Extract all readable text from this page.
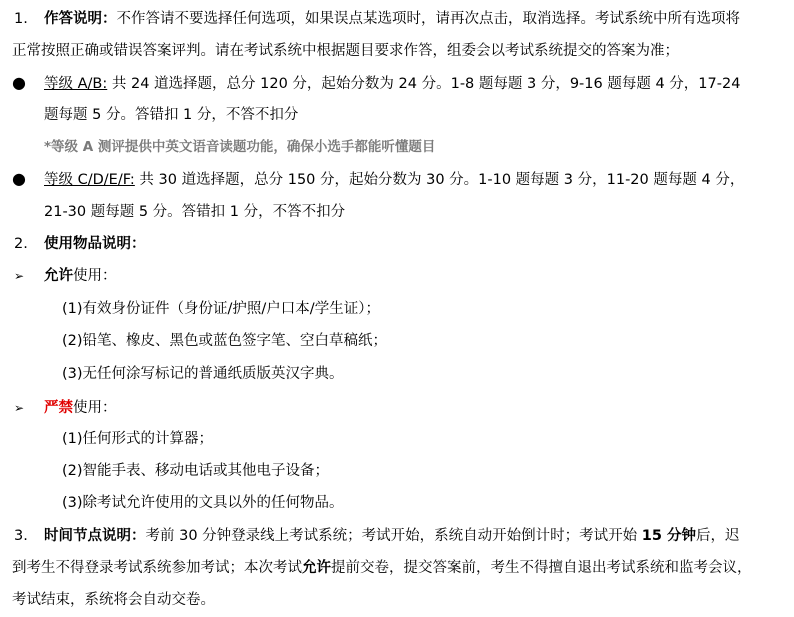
1. 作答说明：不作答请不要选择任何选项，如果误点某选项时，请再次点击，取消选择。考试系统中所有选项将
正常按照正确或错误答案评判。请在考试系统中根据题目要求作答，组委会以考试系统提交的答案为准；
● 等级 A/B: 共 24 道选择题，总分 120 分，起始分数为 24 分。1-8 题每题 3 分，9-16 题每题 4 分，17-24
题每题 5 分。答错扣 1 分，不答不扣分
*等级 A 测评提供中英文语音读题功能，确保小选手都能听懂题目
● 等级 C/D/E/F: 共 30 道选择题，总分 150 分，起始分数为 30 分。1-10 题每题 3 分，11-20 题每题 4 分，
21-30 题每题 5 分。答错扣 1 分，不答不扣分
2. 使用物品说明：
➢ 允许使用：
(1)有效身份证件（身份证/护照/户口本/学生证）；
(2)铅笔、橡皮、黑色或蓝色签字笔、空白草稿纸；
(3)无任何涂写标记的普通纸质版英汉字典。
➢ 严禁使用：
(1)任何形式的计算器；
(2)智能手表、移动电话或其他电子设备；
(3)除考试允许使用的文具以外的任何物品。
3. 时间节点说明：考前 30 分钟登录线上考试系统；考试开始，系统自动开始倒计时；考试开始 15 分钟后，迟
到考生不得登录考试系统参加考试；本次考试允许提前交卷，提交答案前，考生不得擅自退出考试系统和监考会议，
考试结束，系统将会自动交卷。
